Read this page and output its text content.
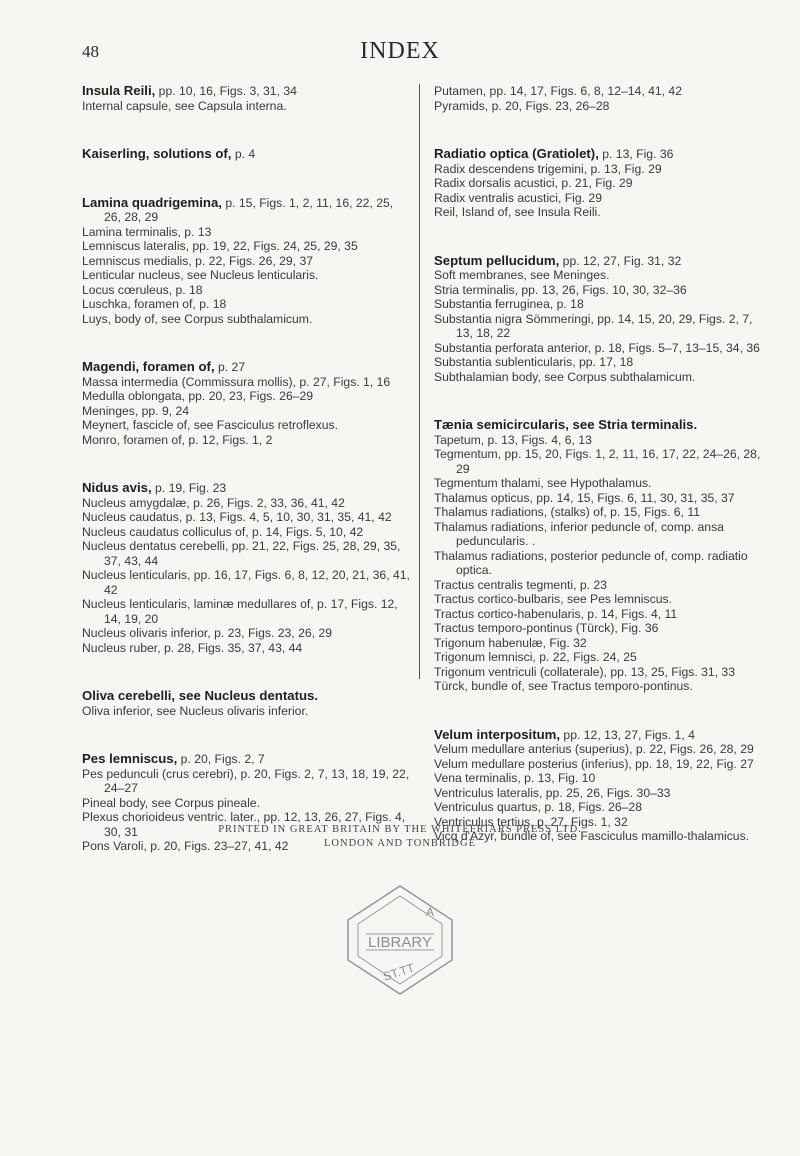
48	INDEX
Insula Reili, pp. 10, 16, Figs. 3, 31, 34
Internal capsule, see Capsula interna.
Kaiserling, solutions of, p. 4
Lamina quadrigemina, p. 15, Figs. 1, 2, 11, 16, 22, 25, 26, 28, 29
Lamina terminalis, p. 13
Lemniscus lateralis, pp. 19, 22, Figs. 24, 25, 29, 35
Lemniscus medialis, p. 22, Figs. 26, 29, 37
Lenticular nucleus, see Nucleus lenticularis.
Locus cœruleus, p. 18
Luschka, foramen of, p. 18
Luys, body of, see Corpus subthalamicum.
Magendi, foramen of, p. 27
Massa intermedia (Commissura mollis), p. 27, Figs. 1, 16
Medulla oblongata, pp. 20, 23, Figs. 26–29
Meninges, pp. 9, 24
Meynert, fascicle of, see Fasciculus retroflexus.
Monro, foramen of, p. 12, Figs. 1, 2
Nidus avis, p. 19, Fig. 23
Nucleus amygdalæ, p. 26, Figs. 2, 33, 36, 41, 42
Nucleus caudatus, p. 13, Figs. 4, 5, 10, 30, 31, 35, 41, 42
Nucleus caudatus colliculus of, p. 14, Figs. 5, 10, 42
Nucleus dentatus cerebelli, pp. 21, 22, Figs. 25, 28, 29, 35, 37, 43, 44
Nucleus lenticularis, pp. 16, 17, Figs. 6, 8, 12, 20, 21, 36, 41, 42
Nucleus lenticularis, laminæ medullares of, p. 17, Figs. 12, 14, 19, 20
Nucleus olivaris inferior, p. 23, Figs. 23, 26, 29
Nucleus ruber, p. 28, Figs. 35, 37, 43, 44
Oliva cerebelli, see Nucleus dentatus.
Oliva inferior, see Nucleus olivaris inferior.
Pes lemniscus, p. 20, Figs. 2, 7
Pes pedunculi (crus cerebri), p. 20, Figs. 2, 7, 13, 18, 19, 22, 24–27
Pineal body, see Corpus pineale.
Plexus chorioideus ventric. later., pp. 12, 13, 26, 27, Figs. 4, 30, 31
Pons Varoli, p. 20, Figs. 23–27, 41, 42
Putamen, pp. 14, 17, Figs. 6, 8, 12–14, 41, 42
Pyramids, p. 20, Figs. 23, 26–28
Radiatio optica (Gratiolet), p. 13, Fig. 36
Radix descendens trigemini, p. 13, Fig. 29
Radix dorsalis acustici, p. 21, Fig. 29
Radix ventralis acustici, Fig. 29
Reil, Island of, see Insula Reili.
Septum pellucidum, pp. 12, 27, Fig. 31, 32
Soft membranes, see Meninges.
Stria terminalis, pp. 13, 26, Figs. 10, 30, 32–36
Substantia ferruginea, p. 18
Substantia nigra Sömmeringi, pp. 14, 15, 20, 29, Figs. 2, 7, 13, 18, 22
Substantia perforata anterior, p. 18, Figs. 5–7, 13–15, 34, 36
Substantia sublenticularis, pp. 17, 18
Subthalamian body, see Corpus subthalamicum.
Tænia semicircularis, see Stria terminalis.
Tapetum, p. 13, Figs. 4, 6, 13
Tegmentum, pp. 15, 20, Figs. 1, 2, 11, 16, 17, 22, 24–26, 28, 29
Tegmentum thalami, see Hypothalamus.
Thalamus opticus, pp. 14, 15, Figs. 6, 11, 30, 31, 35, 37
Thalamus radiations, (stalks) of, p. 15, Figs. 6, 11
Thalamus radiations, inferior peduncle of, comp. ansa peduncularis. .
Thalamus radiations, posterior peduncle of, comp. radiatio optica.
Tractus centralis tegmenti, p. 23
Tractus cortico-bulbaris, see Pes lemniscus.
Tractus cortico-habenularis, p. 14, Figs. 4, 11
Tractus temporo-pontinus (Türck), Fig. 36
Trigonum habenulæ, Fig. 32
Trigonum lemnisci, p. 22, Figs. 24, 25
Trigonum ventriculi (collaterale), pp. 13, 25, Figs. 31, 33
Türck, bundle of, see Tractus temporo-pontinus.
Velum interpositum, pp. 12, 13, 27, Figs. 1, 4
Velum medullare anterius (superius), p. 22, Figs. 26, 28, 29
Velum medullare posterius (inferius), pp. 18, 19, 22, Fig. 27
Vena terminalis, p. 13, Fig. 10
Ventriculus lateralis, pp. 25, 26, Figs. 30–33
Ventriculus quartus, p. 18, Figs. 26–28
Ventriculus tertius, p. 27, Figs. 1, 32
Vicq d'Azyr, bundle of, see Fasciculus mamillo-thalamicus.
PRINTED IN GREAT BRITAIN BY THE WHITEFRIARS PRESS LTD.
LONDON AND TONBRIDGE
A
LIBRARY
ST.TT
